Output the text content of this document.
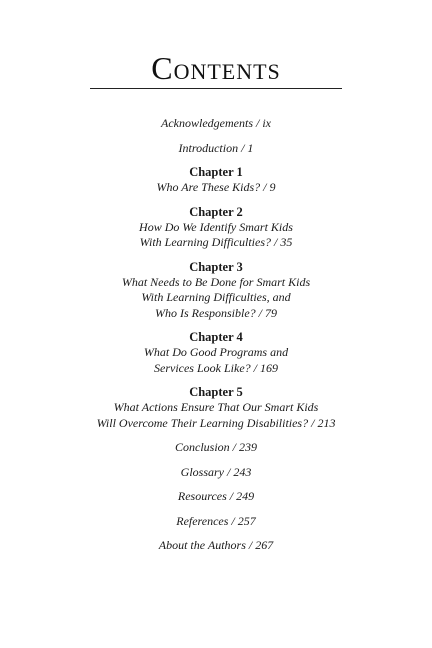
Contents
Acknowledgements / ix
Introduction / 1
Chapter 1
Who Are These Kids? / 9
Chapter 2
How Do We Identify Smart Kids
With Learning Difficulties? / 35
Chapter 3
What Needs to Be Done for Smart Kids
With Learning Difficulties, and
Who Is Responsible? / 79
Chapter 4
What Do Good Programs and
Services Look Like? / 169
Chapter 5
What Actions Ensure That Our Smart Kids
Will Overcome Their Learning Disabilities? / 213
Conclusion / 239
Glossary / 243
Resources / 249
References / 257
About the Authors / 267
